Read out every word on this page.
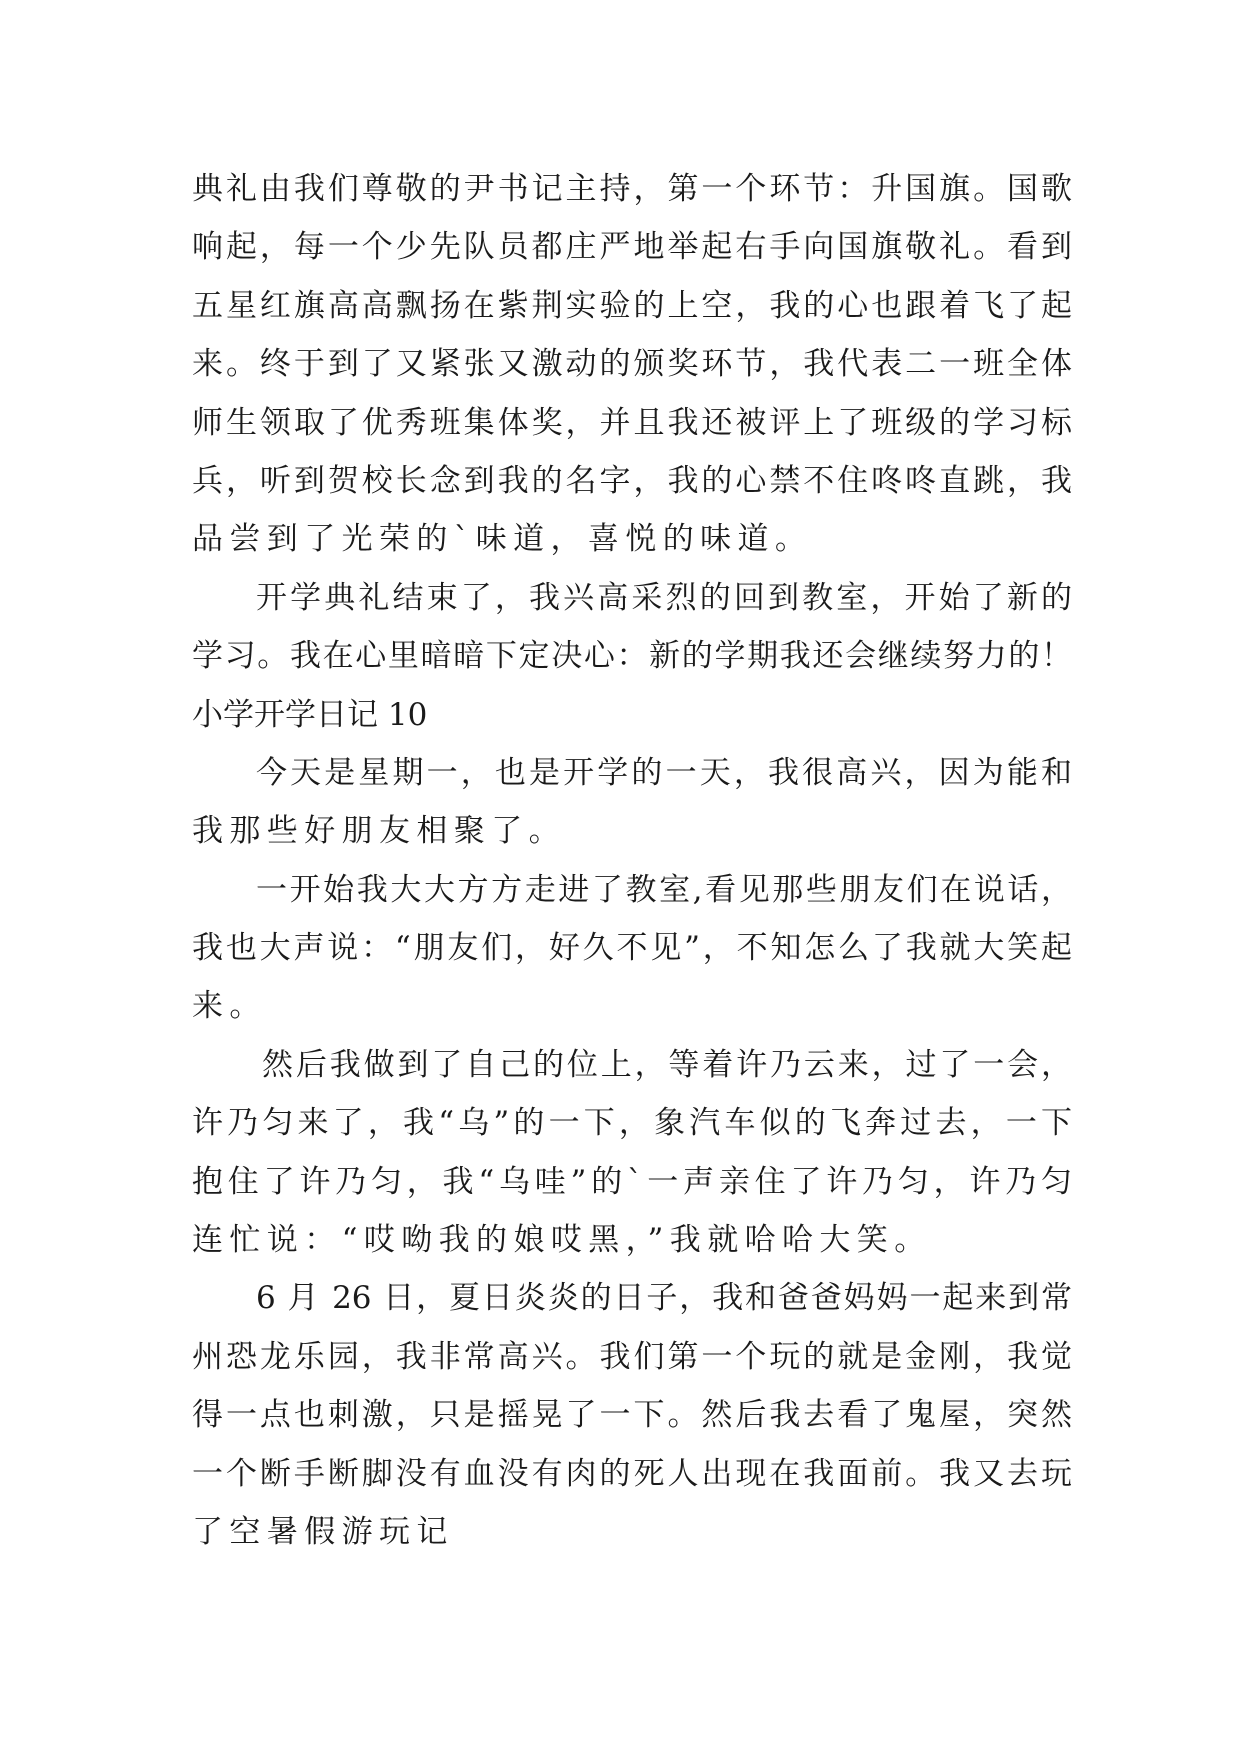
典礼由我们尊敬的尹书记主持，第一个环节：升国旗。国歌
响起，每一个少先队员都庄严地举起右手向国旗敬礼。看到
五星红旗高高飘扬在紫荆实验的上空，我的心也跟着飞了起
来。终于到了又紧张又激动的颁奖环节，我代表二一班全体
师生领取了优秀班集体奖，并且我还被评上了班级的学习标
兵，听到贺校长念到我的名字，我的心禁不住咚咚直跳，我
品尝到了光荣的`味道，喜悦的味道。
开学典礼结束了，我兴高采烈的回到教室，开始了新的
学习。我在心里暗暗下定决心：新的学期我还会继续努力的！
小学开学日记 10
今天是星期一，也是开学的一天，我很高兴，因为能和
我那些好朋友相聚了。
一开始我大大方方走进了教室,看见那些朋友们在说话，
我也大声说：“朋友们，好久不见”，不知怎么了我就大笑起
来。
然后我做到了自己的位上，等着许乃云来，过了一会，
许乃匀来了，我“乌”的一下，象汽车似的飞奔过去，一下
抱住了许乃匀，我“乌哇”的`一声亲住了许乃匀，许乃匀
连忙说：“哎呦我的娘哎黑，”我就哈哈大笑。
6 月 26 日，夏日炎炎的日子，我和爸爸妈妈一起来到常
州恐龙乐园，我非常高兴。我们第一个玩的就是金刚，我觉
得一点也刺激，只是摇晃了一下。然后我去看了鬼屋，突然
一个断手断脚没有血没有肉的死人出现在我面前。我又去玩
了空暑假游玩记
